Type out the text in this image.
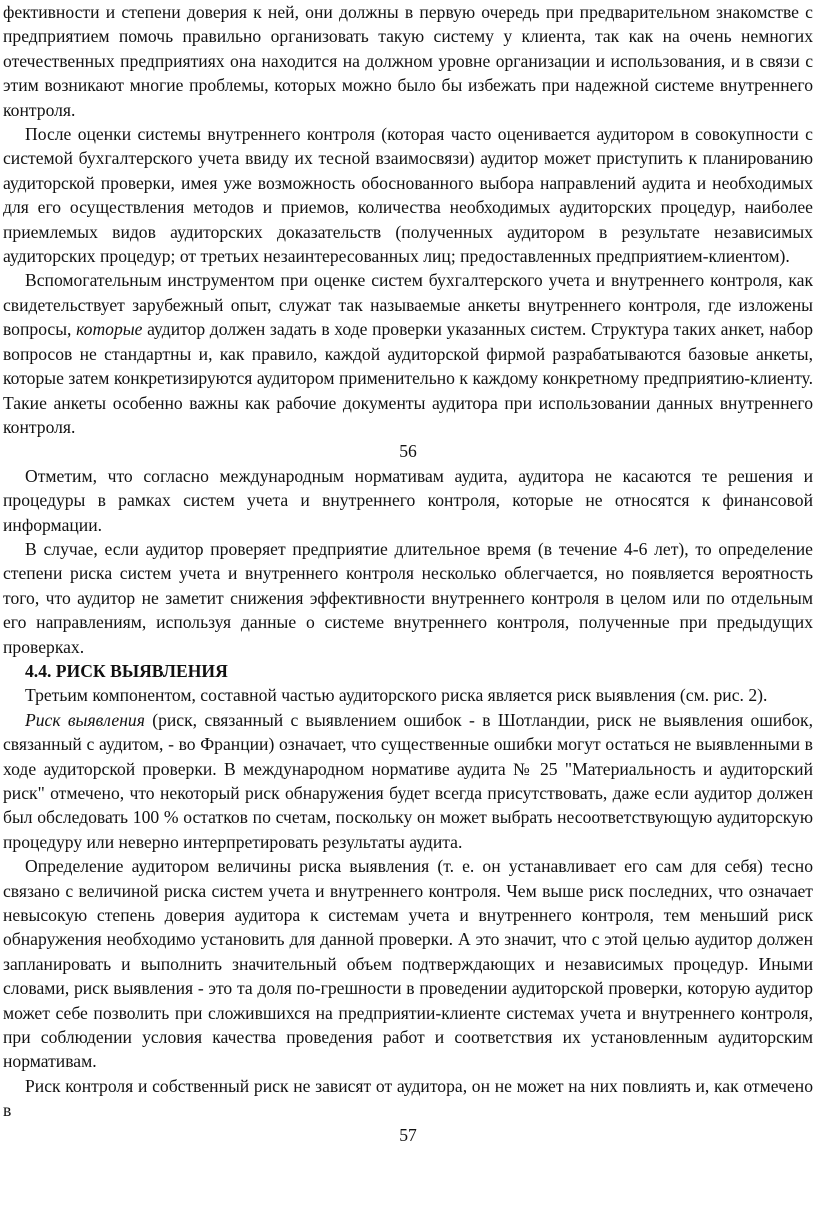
фективности и степени доверия к ней, они должны в первую очередь при предварительном знакомстве с предприятием помочь правильно организовать такую систему у клиента, так как на очень немногих отечественных предприятиях она находится на должном уровне организации и использования, и в связи с этим возникают многие проблемы, которых можно было бы избежать при надежной системе внутреннего контроля.

После оценки системы внутреннего контроля (которая часто оценивается аудитором в совокупности с системой бухгалтерского учета ввиду их тесной взаимосвязи) аудитор может приступить к планированию аудиторской проверки, имея уже возможность обоснованного выбора направлений аудита и необходимых для его осуществления методов и приемов, количества необходимых аудиторских процедур, наиболее приемлемых видов аудиторских доказательств (полученных аудитором в результате независимых аудиторских процедур; от третьих незаинтересованных лиц; предоставленных предприятием-клиентом).

Вспомогательным инструментом при оценке систем бухгалтерского учета и внутреннего контроля, как свидетельствует зарубежный опыт, служат так называемые анкеты внутреннего контроля, где изложены вопросы, которые аудитор должен задать в ходе проверки указанных систем. Структура таких анкет, набор вопросов не стандартны и, как правило, каждой аудиторской фирмой разрабатываются базовые анкеты, которые затем конкретизируются аудитором применительно к каждому конкретному предприятию-клиенту. Такие анкеты особенно важны как рабочие документы аудитора при использовании данных внутреннего контроля.

56

Отметим, что согласно международным нормативам аудита, аудитора не касаются те решения и процедуры в рамках систем учета и внутреннего контроля, которые не относятся к финансовой информации.

В случае, если аудитор проверяет предприятие длительное время (в течение 4-6 лет), то определение степени риска систем учета и внутреннего контроля несколько облегчается, но появляется вероятность того, что аудитор не заметит снижения эффективности внутреннего контроля в целом или по отдельным его направлениям, используя данные о системе внутреннего контроля, полученные при предыдущих проверках.

4.4. РИСК ВЫЯВЛЕНИЯ

Третьим компонентом, составной частью аудиторского риска является риск выявления (см. рис. 2).

Риск выявления (риск, связанный с выявлением ошибок - в Шотландии, риск не выявления ошибок, связанный с аудитом, - во Франции) означает, что существенные ошибки могут остаться не выявленными в ходе аудиторской проверки. В международном нормативе аудита № 25 "Материальность и аудиторский риск" отмечено, что некоторый риск обнаружения будет всегда присутствовать, даже если аудитор должен был обследовать 100 % остатков по счетам, поскольку он может выбрать несоответствующую аудиторскую процедуру или неверно интерпретировать результаты аудита.

Определение аудитором величины риска выявления (т. е. он устанавливает его сам для себя) тесно связано с величиной риска систем учета и внутреннего контроля. Чем выше риск последних, что означает невысокую степень доверия аудитора к системам учета и внутреннего контроля, тем меньший риск обнаружения необходимо установить для данной проверки. А это значит, что с этой целью аудитор должен запланировать и выполнить значительный объем подтверждающих и независимых процедур. Иными словами, риск выявления - это та доля по-грешности в проведении аудиторской проверки, которую аудитор может себе позволить при сложившихся на предприятии-клиенте системах учета и внутреннего контроля, при соблюдении условия качества проведения работ и соответствия их установленным аудиторским нормативам.

Риск контроля и собственный риск не зависят от аудитора, он не может на них повлиять и, как отмечено в

57
